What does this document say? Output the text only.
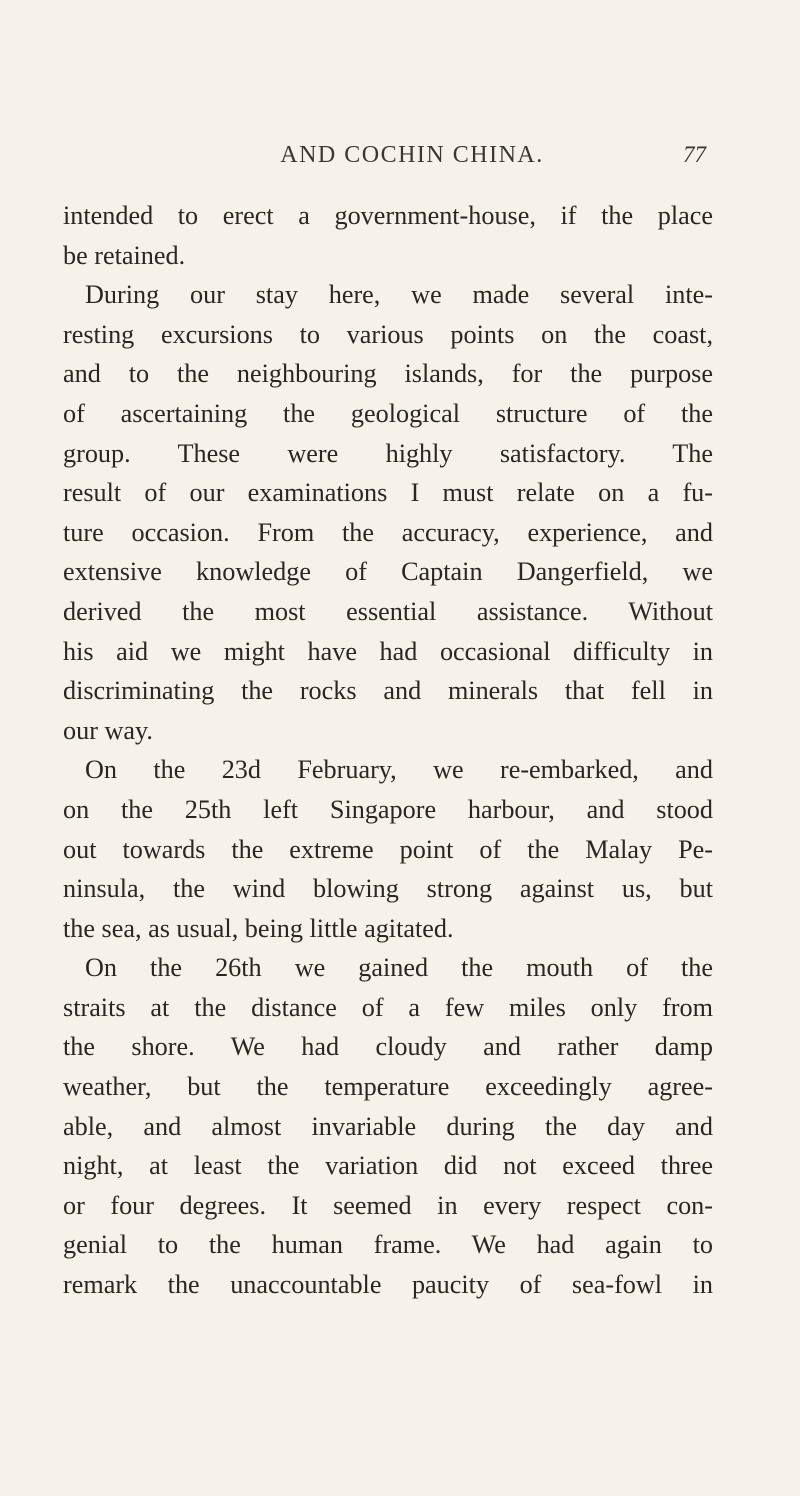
AND COCHIN CHINA.	77
intended to erect a government-house, if the place
be retained.
During our stay here, we made several inte-
resting excursions to various points on the coast,
and to the neighbouring islands, for the purpose
of ascertaining the geological structure of the
group. These were highly satisfactory. The
result of our examinations I must relate on a fu-
ture occasion. From the accuracy, experience, and
extensive knowledge of Captain Dangerfield, we
derived the most essential assistance. Without
his aid we might have had occasional difficulty in
discriminating the rocks and minerals that fell in
our way.
On the 23d February, we re-embarked, and
on the 25th left Singapore harbour, and stood
out towards the extreme point of the Malay Pe-
ninsula, the wind blowing strong against us, but
the sea, as usual, being little agitated.
On the 26th we gained the mouth of the
straits at the distance of a few miles only from
the shore. We had cloudy and rather damp
weather, but the temperature exceedingly agree-
able, and almost invariable during the day and
night, at least the variation did not exceed three
or four degrees. It seemed in every respect con-
genial to the human frame. We had again to
remark the unaccountable paucity of sea-fowl in
